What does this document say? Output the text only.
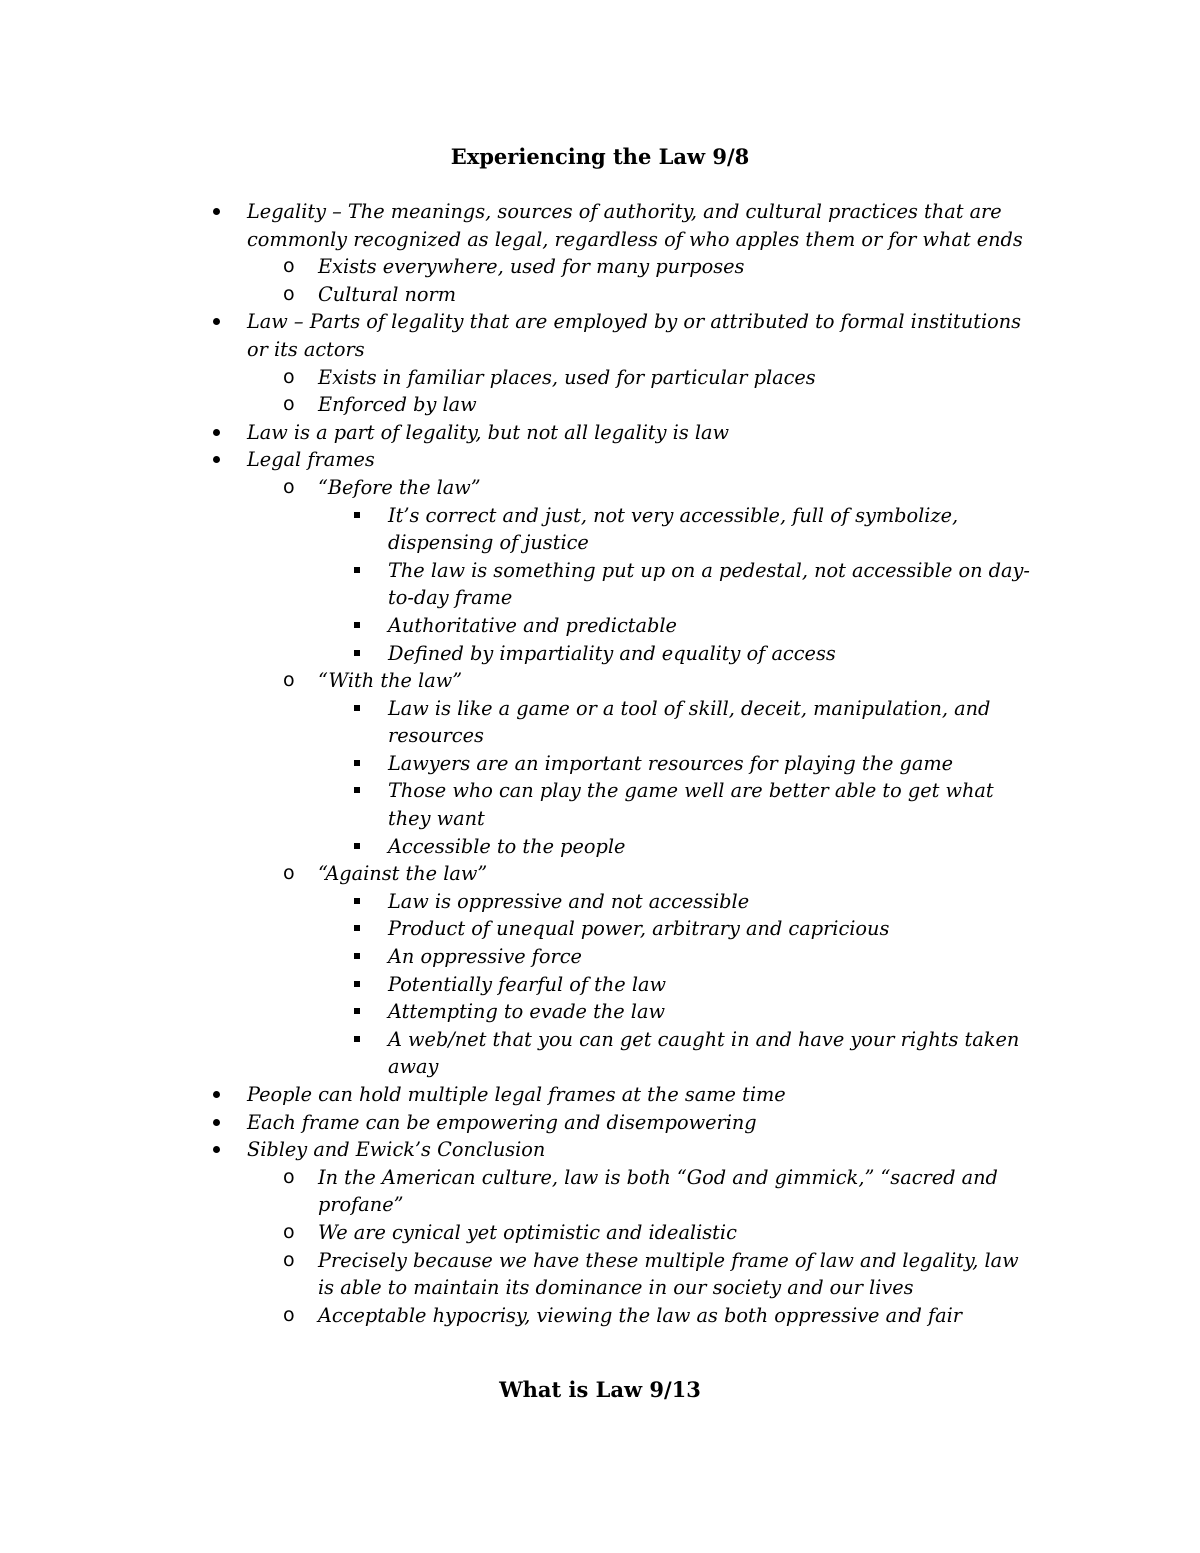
Experiencing the Law 9/8
Legality – The meanings, sources of authority, and cultural practices that are
commonly recognized as legal, regardless of who apples them or for what ends
o Exists everywhere, used for many purposes
o Cultural norm
Law – Parts of legality that are employed by or attributed to formal institutions
or its actors
o Exists in familiar places, used for particular places
o Enforced by law
Law is a part of legality, but not all legality is law
Legal frames
o “Before the law”
It’s correct and just, not very accessible, full of symbolize,
dispensing of justice
The law is something put up on a pedestal, not accessible on day-
to-day frame
Authoritative and predictable
Defined by impartiality and equality of access
o “With the law”
Law is like a game or a tool of skill, deceit, manipulation, and
resources
Lawyers are an important resources for playing the game
Those who can play the game well are better able to get what
they want
Accessible to the people
o “Against the law”
Law is oppressive and not accessible
Product of unequal power, arbitrary and capricious
An oppressive force
Potentially fearful of the law
Attempting to evade the law
A web/net that you can get caught in and have your rights taken
away
People can hold multiple legal frames at the same time
Each frame can be empowering and disempowering
Sibley and Ewick’s Conclusion
o In the American culture, law is both “God and gimmick,” “sacred and
profane”
o We are cynical yet optimistic and idealistic
o Precisely because we have these multiple frame of law and legality, law
is able to maintain its dominance in our society and our lives
o Acceptable hypocrisy, viewing the law as both oppressive and fair
What is Law 9/13
